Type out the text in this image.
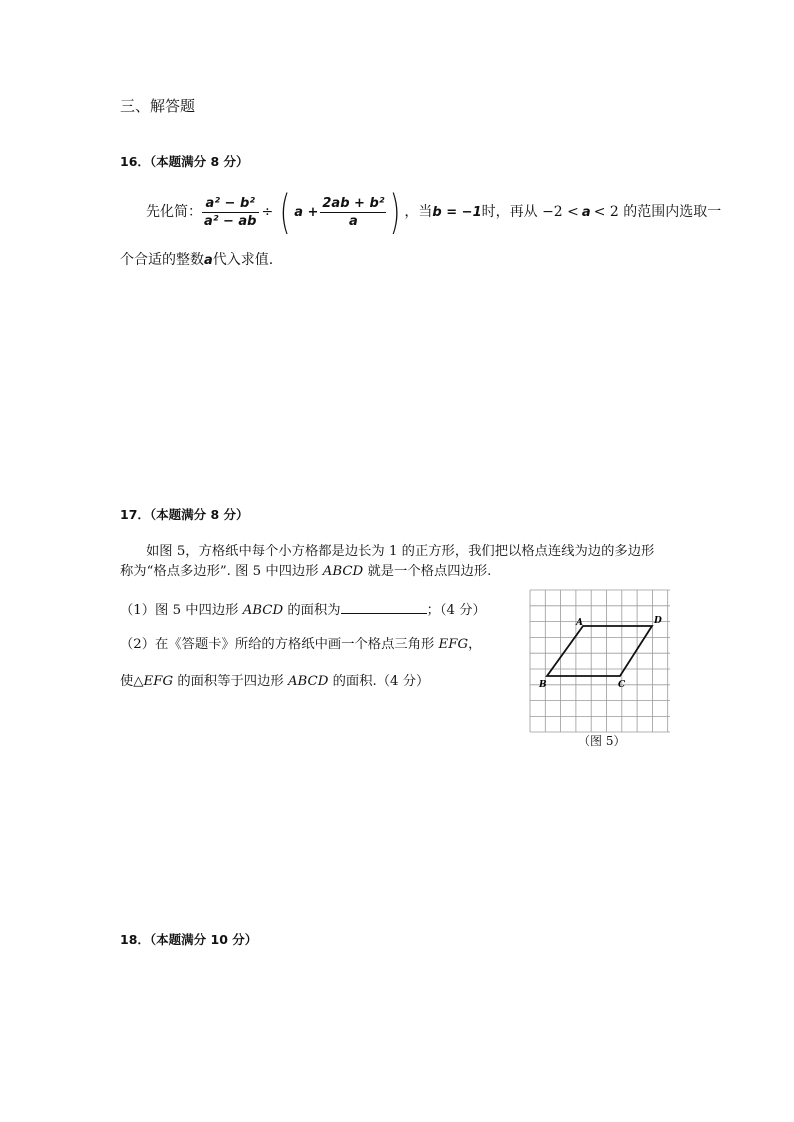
三、解答题
16．（本题满分 8 分）
先化简： $\frac{\text{a² − b²}}{\text{a² − ab}}$ ÷ ( $a + \frac{\text{2ab + b²}}{a}$ ) ，当 b = −1 时，再从 −2 < a < 2 的范围内选取一
个合适的整数a代入求值.
17．（本题满分 8 分）
如图 5，方格纸中每个小方格都是边长为 1 的正方形，我们把以格点连线为边的多边形
称为“格点多边形”. 图 5 中四边形 ABCD 就是一个格点四边形.
（1）图 5 中四边形 ABCD 的面积为	；（4 分）
（2）在《答题卡》所给的方格纸中画一个格点三角形 EFG，
使△EFG 的面积等于四边形 ABCD 的面积.（4 分）
A	D
B	C
（图 5）
18．（本题满分 10 分）
